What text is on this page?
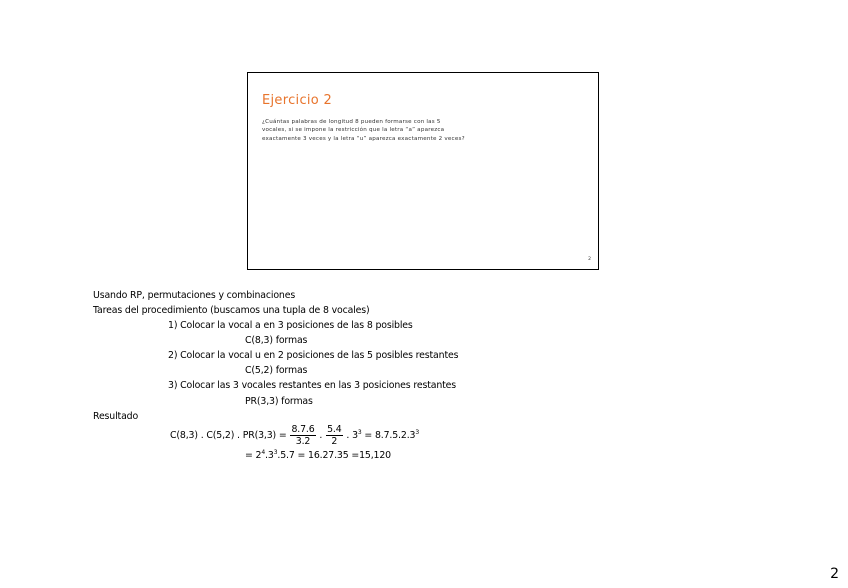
Ejercicio 2
¿Cuántas palabras de longitud 8 pueden formarse con las 5
vocales, si se impone la restricción que la letra “a” aparezca
exactamente 3 veces y la letra “u” aparezca exactamente 2 veces?
2
Usando RP, permutaciones y combinaciones
Tareas del procedimiento (buscamos una tupla de 8 vocales)
1) Colocar la vocal a en 3 posiciones de las 8 posibles
C(8,3) formas
2) Colocar la vocal u en 2 posiciones de las 5 posibles restantes
C(5,2) formas
3) Colocar las 3 vocales restantes en las 3 posiciones restantes
PR(3,3) formas
Resultado
C(8,3) . C(5,2) . $PR(3,3) = \frac{8.7.6}{3.2}$ . $\frac{5.4}{2}$ . $3^3 = 8.7.5.2.3^3$
= $2^4.3^3.5.7 = 16.27.35 =15,120$
2
